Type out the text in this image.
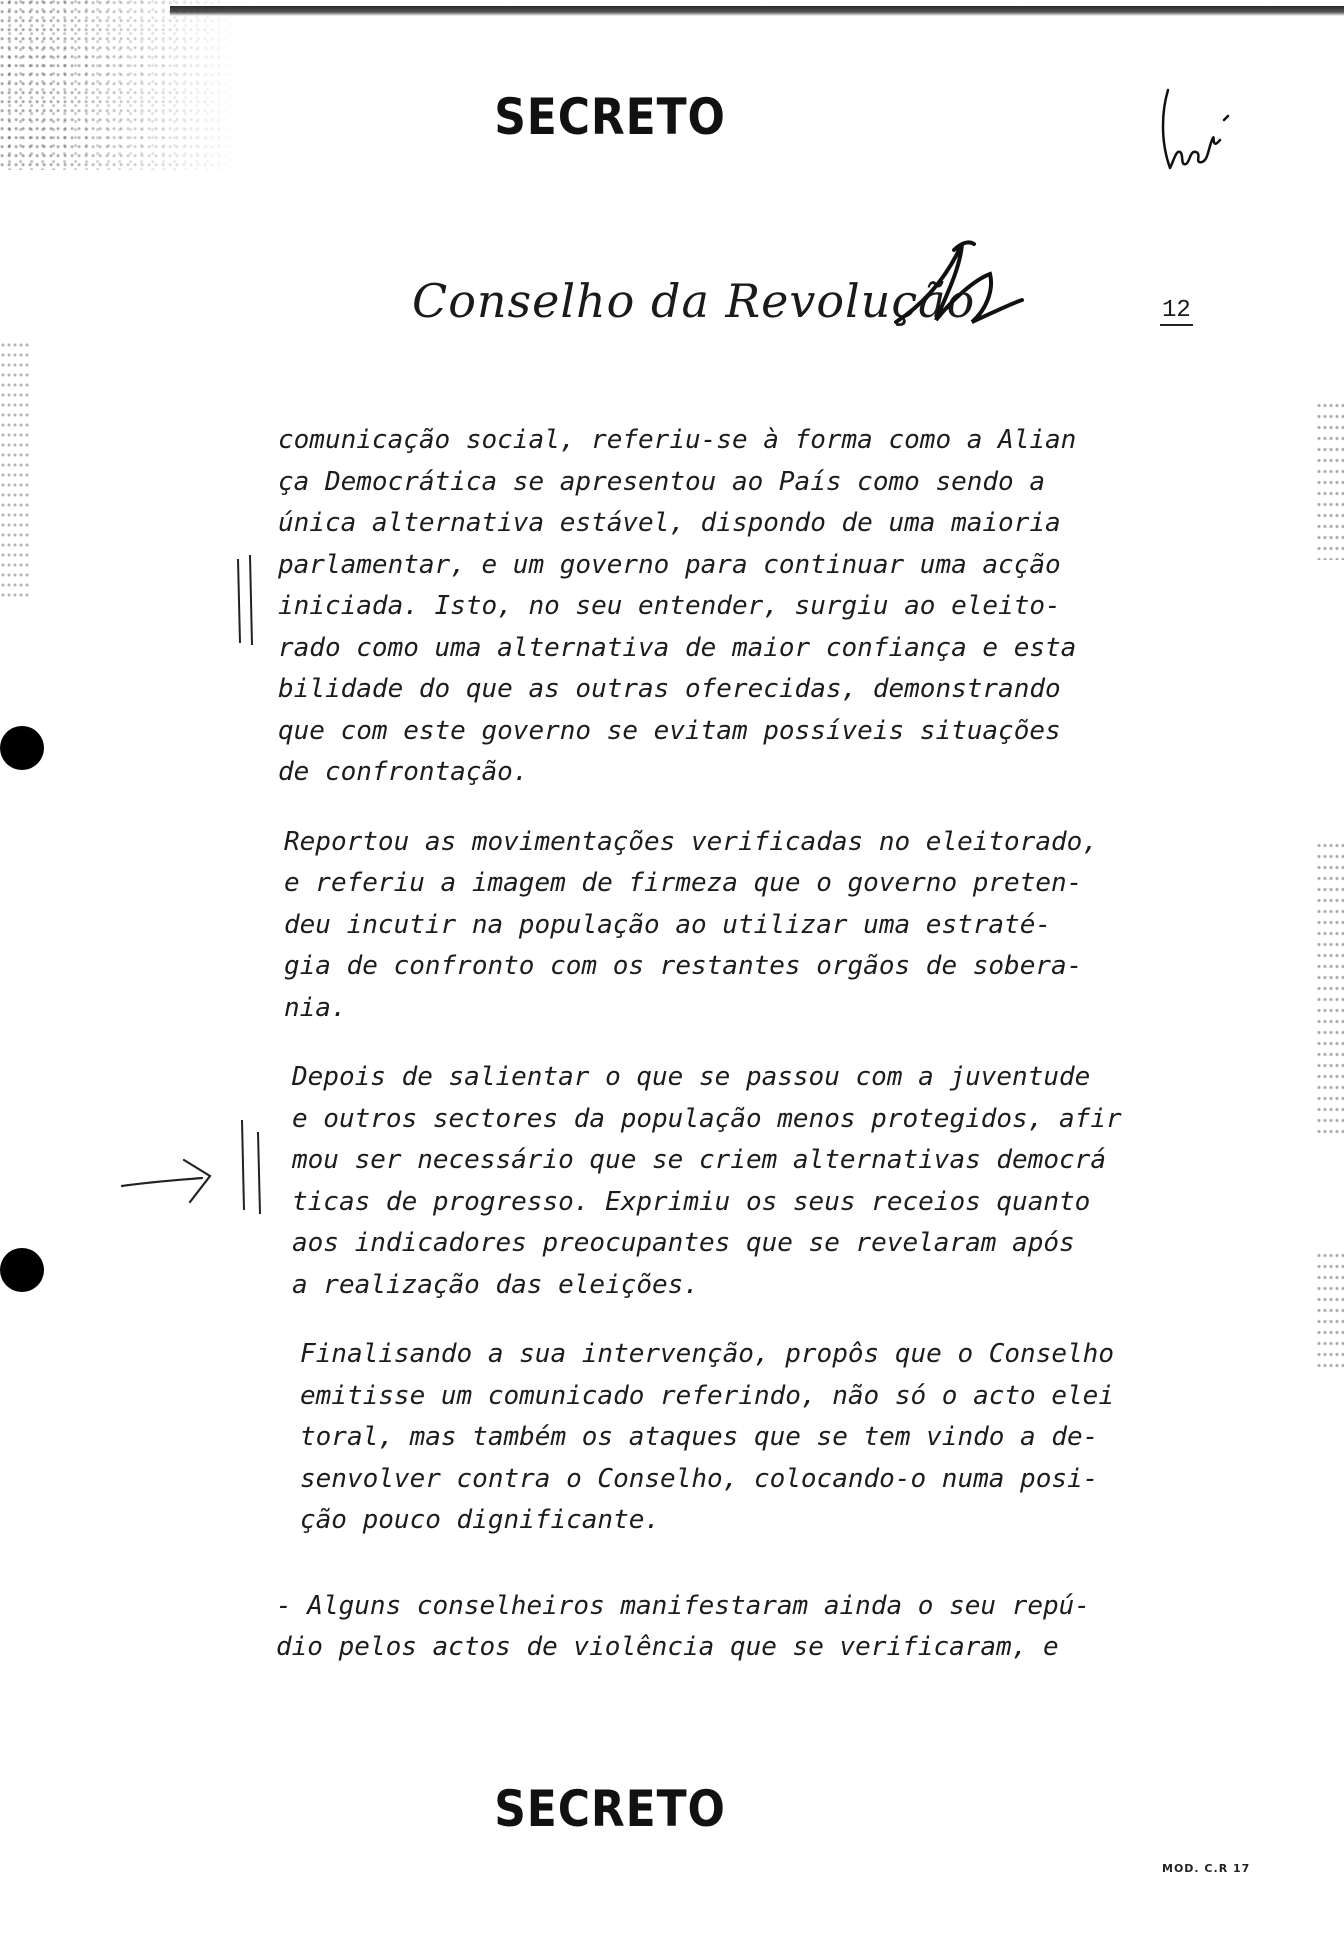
SECRETO
Conselho da Revolução	12

comunicação social, referiu-se à forma como a Alian
ça Democrática se apresentou ao País como sendo a
única alternativa estável, dispondo de uma maioria
parlamentar, e um governo para continuar uma acção
iniciada. Isto, no seu entender, surgiu ao eleito-
rado como uma alternativa de maior confiança e esta
bilidade do que as outras oferecidas, demonstrando
que com este governo se evitam possíveis situações
de confrontação.

Reportou as movimentações verificadas no eleitorado,
e referiu a imagem de firmeza que o governo preten-
deu incutir na população ao utilizar uma estraté-
gia de confronto com os restantes orgãos de sobera-
nia.

Depois de salientar o que se passou com a juventude
e outros sectores da população menos protegidos, afir
mou ser necessário que se criem alternativas democrá
ticas de progresso. Exprimiu os seus receios quanto
aos indicadores preocupantes que se revelaram após
a realização das eleições.

Finalisando a sua intervenção, propôs que o Conselho
emitisse um comunicado referindo, não só o acto elei
toral, mas também os ataques que se tem vindo a de-
senvolver contra o Conselho, colocando-o numa posi-
ção pouco dignificante.

- Alguns conselheiros manifestaram ainda o seu repú-
dio pelos actos de violência que se verificaram, e

SECRETO
MOD. C.R 17
